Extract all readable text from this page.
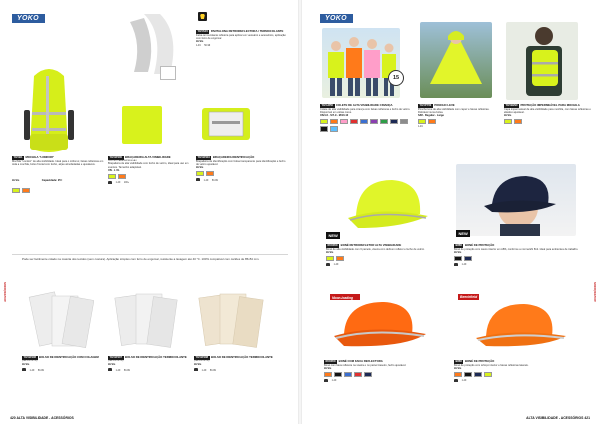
YOKO
YHVS15 PANTALONA RETROREFLECTORA / TERMOCOLANTE
Faixa termocolante refletora para aplicar em vestuário e acessórios, aplicação com ferro de engomar.
Hi-Vis
1-49 50-99
YHVB1 MOCHILA "LONDON"
Mochila "London" de alta visibilidade. Ideal para o ciclismo; faixas refletoras em toda a mochila, bolso frontal com fecho, alças almofadadas e ajustáveis.
Hi-Vis	Capacidade: 25 l
YHVW100 BRAÇADEIRA ALTA VISIBILIDADE
VELCRO PARA IMPRESSÃO
Braçadeira de alta visibilidade com fecho de velcro, ideal para uso em eventos. Tamanho adaptável.
UN - L XL
1-49 100+
YHVW110 BRAÇADEIRA IDENTIFICAÇÃO
Braçadeira de identificação com bolsa transparente para identificação e fecho de velcro ajustável.
Hi-Vis
1-49 50-99
Pode ser facilmente colado na maioria dos tecidos (sem costura). Aplicação simples com ferro de engomar, resistente a lavagem até 40 °C. 100% compatível com cartões de 85x54 mm.
YHVW106 BOLSO DE IDENTIFICAÇÃO COM COLAGEM
(PACKS DE 50)
Hi-Vis
1-49 50-99
YHVW107 BOLSO DE IDENTIFICAÇÃO TERMOCOLANTE
(PACKS DE 50)
Hi-Vis
1-49 50-99
YHVW108 BOLSO DE IDENTIFICAÇÃO TERMOCOLANTE
(PACKS DE 50)
Hi-Vis
1-49 50-99
ACESSÓRIOS
420 ALTA VISIBILIDADE - ACESSÓRIOS
YOKO
15
YHVJ250 COLETE DE ALTA VISIBILIDADE CRIANÇA
Colete de alta visibilidade para criança com faixas refletoras e fecho de velcro. Disponível em várias cores.
XS/4-6 · S/7-9 · M/10-12
YHVP760 PONCHO LEVE
Poncho leve de alta visibilidade com capuz e faixas refletoras. Dobrável numa bolsa.
S/M · Regular · Large
1-49
YHVB290 PROTEÇÃO IMPERMEÁVEL PARA MOCHILA
Capa impermeável de alta visibilidade para mochila, com faixas refletoras e elástico ajustável.
Hi-Vis
NEW	NEW
RC035X BONÉ RETROREFLETOR ALTA VISIBILIDADE
Boné de alta visibilidade com 6 painéis, viseira com debrum refletor e fecho de velcro.
Hi-Vis
1-49
B666 BONÉ DE PROTEÇÃO
Boné de proteção com casco interior em ABS, conforme a norma EN 812. Ideal para ambientes de trabalho.
Hi-Vis
1-49
Moon-loading	Beechfield
RC035X BONÉ COM FAIXA REFLECTORA
Boné com faixa refletora na viseira e no painel traseiro, fecho ajustável.
Hi-Vis
1-49
B666 BONÉ DE PROTEÇÃO
Boné de proteção com reforço interior e faixas refletoras laterais.
Hi-Vis
1-49
ACESSÓRIOS
ALTA VISIBILIDADE - ACESSÓRIOS 421
